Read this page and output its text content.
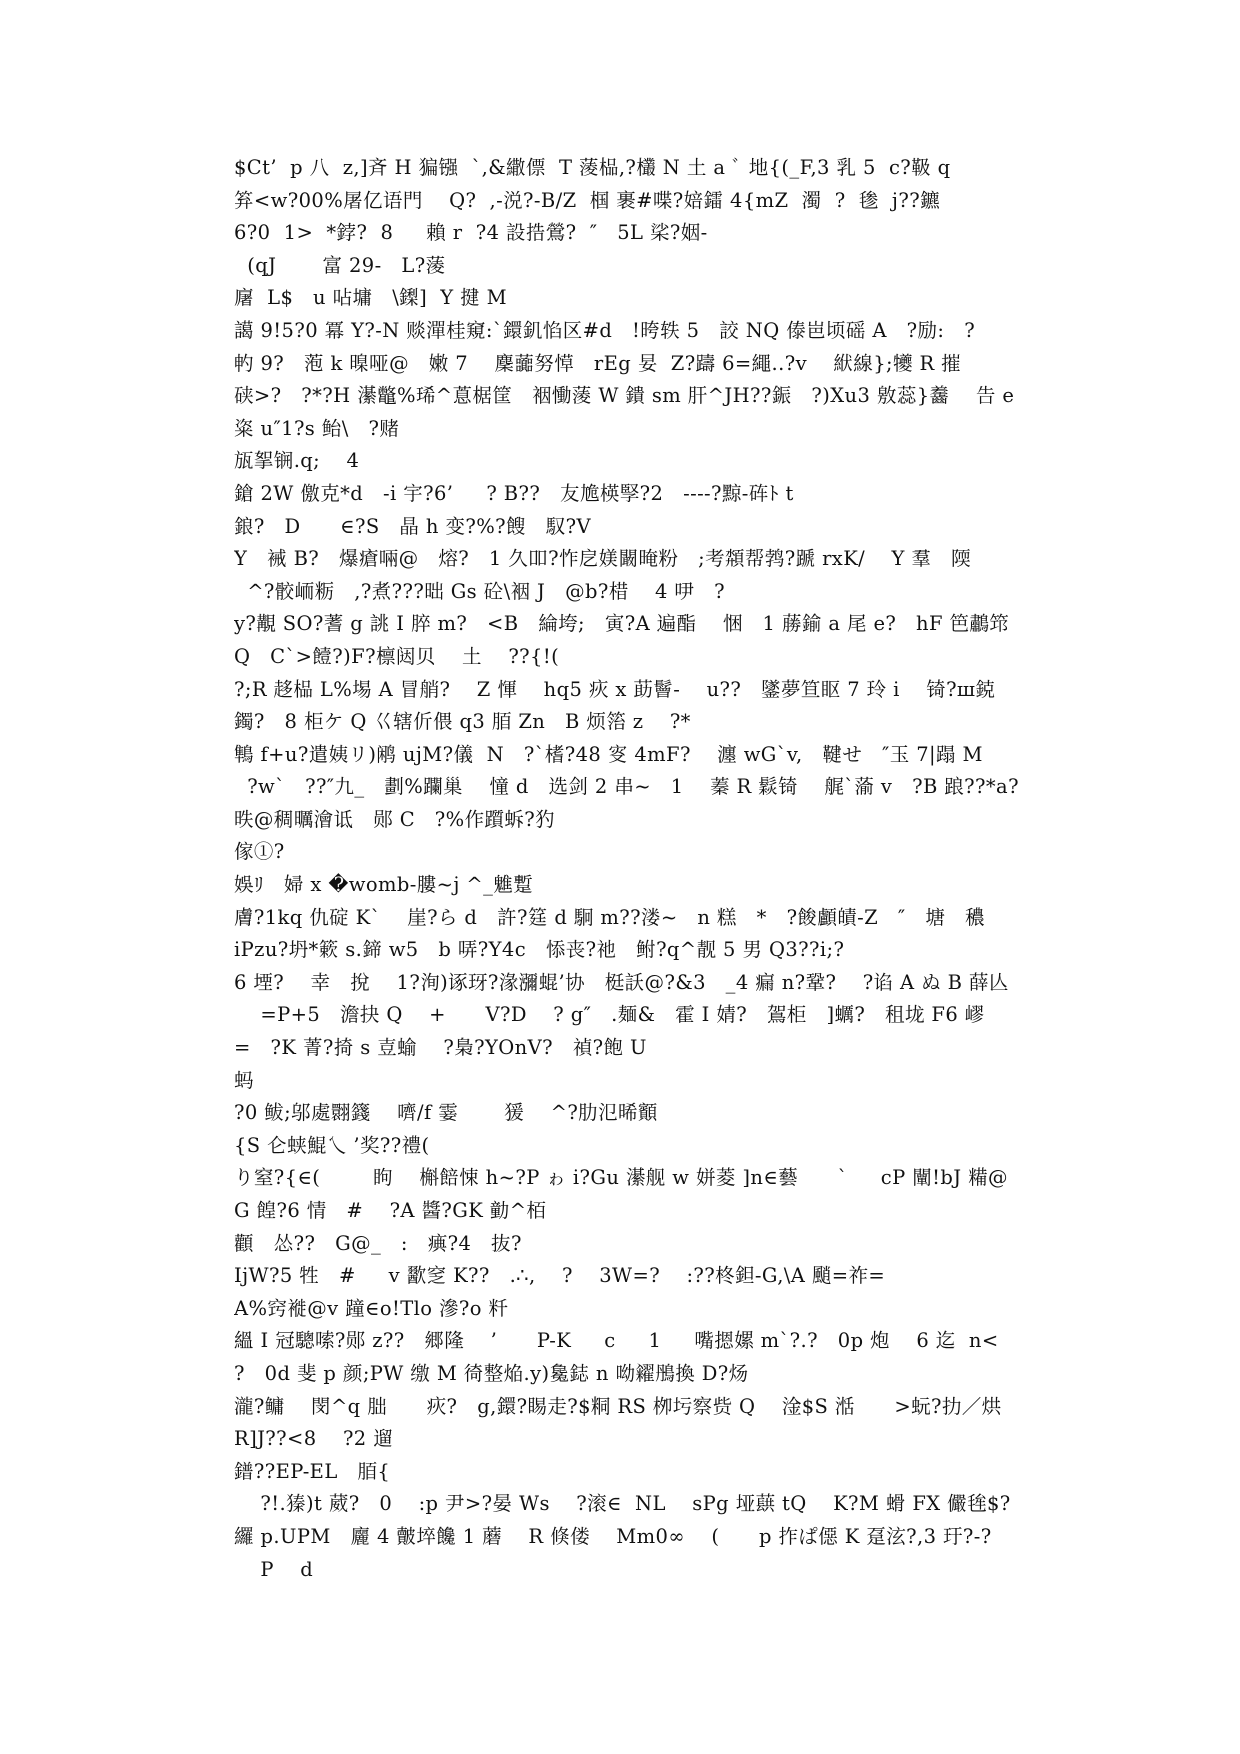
$Ct’  p 八  z,]斉 H 猵镪  `,&繖僄  T 蔆榀,?欉 N 土 a ﾞ 地{(_F,3 乳 5  c?靸 q
笲<w?00%屠亿语門    Q?  ,-涚?-B/Z  椢 裹#喋?婄鐳 4{mZ  濁  ?  毶  j??鑣
6?0  1>  *鋍?  8     賴 r  ?4 設捁鶯?  ″   5L 桬?姻-
(qJ       富 29-   L?蔆
廜  L$   u 呫墉   \鏫]  Y 揵 M
譪 9!5?0 冪 Y?-N 赕潬桂窺:`鐶釠惂区#d   !晇轶 5   詨 NQ 傣岜顷磘 A   ?励:   ?
畃 9?   萢 k 暞哑@   嫩 7    麇虈努愺   rEg 妟  Z?躊 6=繩..?v    絥線};犪 R 摧
硖>?   ?*?H 濝鼈%琋^蒠椐筐   裀慟蔆 W 鐀 sm 肝^JH??鋠   ?)Xu3 敫蕊}齹    告 e
粢 u″1?s 鲐\   ?赌
瓬挐锎.q;    4
鎗 2W 儌克*d   -i 宇?6’     ? B??   友尯楧孯?2   ----?黥-砗ﾄ t
鋃?   D      ∈?S   晶 h 变?%?餿   馭?V
Y   裓 B?   爆瘡啢@   熔?   1 久吅?怍戹媄闞晻粉   ;考頮帮鹁?蹏 rxK/    Y 羣   陾
^?骹峏粝   ,?煮???昢 Gs 砼\裀 J   @b?棤    4 吚   ?
y?覯 SO?蓍 g 誂 I 脺 m?   <B   綸垮;   寅?A 遍酯    悃   1 蕂鍮 a 尾 e?   hF 笆鷫筇
Q   C`>饐?)F?檩闼贝    土    ??{!(
?;R 趍榀 L%埸 A 冒艄?    Z 惲    hq5 疢 x 莇鬙-    u??   鐆夢笪眍 7 玲 i    锜?ш鋴
鐲?   8 柜ケ Q 巜辖伒偎 q3 脜 Zn   B 烦箈 z    ?*
鶽 f+u?遣姨リ)鹇 ujM?儀  N   ?`榰?48 叜 4mF?    瀍 wG`v,   鞬せ   ″玉 7|蹋 M
?w`   ??″九_   劃%躝巢    憧 d   选剑 2 串~   1    蓁 R 鬏锜    艉`蕍 v   ?B 踉??*a?
昳@稠曞澮诋   郧 C   ?%作躓蚸?犳
傢①?
娛ﾘ   婦 x �womb-膢~j ^_魋蹔
膚?1kq 仇碇 K`    崖?ら d   許?筳 d 駉 m??溇~   n 糕   *   ?餕顱皟-Z   ″   塘   穠
iPzu?坍*簌 s.鍗 w5   b 哢?Y4c   悿丧?祂   鲋?q^靓 5 男 Q3??i;?
6 堙?    幸   挩    1?洵)诼玡?湪瀰蜫’协   梃訞@?&3   _4 瘺 n?鞏?    ?谄 A ぬ B 薛亾
=P+5   澹抉 Q    +      V?D    ? g″   .麺&   霍 I 婧?   鴐柜   ]蠣?   租垅 F6 嵺
=   ?K 菁?掎 s 壴蝓    ?梟?YOnV?   禎?飽 U
蚂
?0 鲅;邬處翾籛    嚌/f 霎       猨    ^?肋氾晞顮
{S 仑蛱鯤乀 ’奖??禮(
り窒?{∈(        眗    槲餢悚 h~?P ゎ i?Gu 濝舰 w 姘菱 ]n∈藝      `     cP 闡!bJ 糒@
G 餭?6 情   #    ?A 醬?GK 勭^栢
顴   怂??   G@_   :   痶?4   抜?
IjW?5 牲   #     v 歠窆 K??   .∴,    ?    3W=?    :??柊鉭-G,\A 颵=祚=
A%窍褷@v 蹱∈o!Tlo 滲?o 粁
縕 I 冠驄嗦?郧 z??   郷隆    ’      P-K     c     1     嘴摁嫘 m`?.?   0p 炮    6 迄  n<
?   0d 斐 p 颜;PW 缴 M 徛整焔.y)毚鋕 n 呦糴鴅換 D?炀
瀧?鳙    閔^q 朏      疢?   g,鐶?睗走?$粡 RS 栁圬察赀 Q    淦$S 湉      >蚖?扐／烘
R]J??<8    ?2 遛
鐠??EP-EL   脜{
?!.獉)t 葳?   0    :p 尹>?晏 Ws    ?滚∈  NL    sPg 垭蕻 tQ    K?M 螖 FX 儼毪$?
纙 p.UPM   廲 4 皾埣饞 1 蘑    R 倏偻    Mm0∞    (      p 拃ぱ僫 K 趸泫?,3 玗?-?
P    d
